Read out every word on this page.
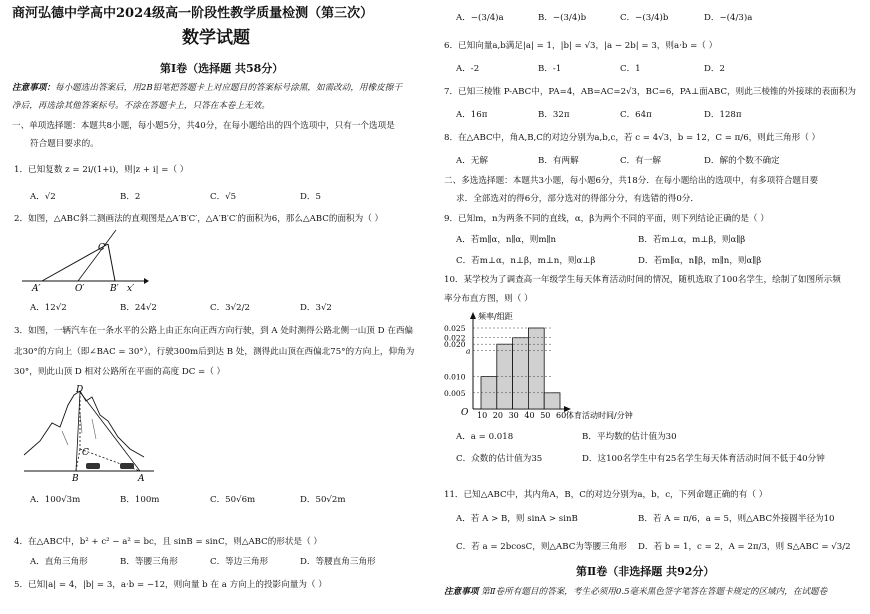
商河弘德中学高中2024级高一阶段性教学质量检测（第三次）
数学试题
第Ⅰ卷（选择题 共58分）
注意事项：每小题选出答案后，用2B铅笔把答题卡上对应题目的答案标号涂黑，如需改动，用橡皮擦干
净后，再选涂其他答案标号。不涂在答题卡上，只答在本卷上无效。
一、单项选择题：本题共8小题，每小题5分，共40分，在每小题给出的四个选项中，只有一个选项是
符合题目要求的。
1．已知复数 z = 2i/(1+i)，则|z + i| =（ ）
A．√2	B．2	C．√5	D．5
2．如图，△ABC斜二测画法的直观图是△A′B′C′，△A′B′C′的面积为6，那么△ABC的面积为（ ）
C′
A′	O′	B′ x′
A．12√2	B．24√2	C．3√2/2	D．3√2
3．如图，一辆汽车在一条水平的公路上由正东向正西方向行驶，到 A 处时测得公路北侧一山顶 D 在西偏
北30°的方向上（即∠BAC = 30°），行驶300m后到达 B 处，测得此山顶在西偏北75°的方向上，仰角为
30°，则此山顶 D 相对公路所在平面的高度 DC =（ ）
D
C
B	A
A．100√3m	B．100m	C．50√6m	D．50√2m
4．在△ABC中，b² + c² − a² = bc，且 sinB = sinC，则△ABC的形状是（ ）
A．直角三角形	B．等腰三角形	C．等边三角形	D．等腰直角三角形
5．已知|a| = 4，|b| = 3，a·b = −12，则向量 b 在 a 方向上的投影向量为（ ）
A．−(3/4)a	B．−(3/4)b	C．−(3/4)b	D．−(4/3)a
6．已知向量a,b满足|a| = 1，|b| = √3，|a − 2b| = 3，则a·b =（ ）
A．-2	B．-1	C．1	D．2
7．已知三棱锥 P-ABC中，PA=4，AB=AC=2√3，BC=6，PA⊥面ABC，则此三棱锥的外接球的表面积为
A．16π	B．32π	C．64π	D．128π
8．在△ABC中，角A,B,C的对边分别为a,b,c，若 c = 4√3，b = 12，C = π/6，则此三角形（ ）
A．无解	B．有两解	C．有一解	D．解的个数不确定
二、多选选择题：本题共3小题，每小题6分，共18分．在每小题给出的选项中，有多项符合题目要
求．全部选对的得6分，部分选对的得部分分，有选错的得0分．
9．已知m，n为两条不同的直线，α，β为两个不同的平面，则下列结论正确的是（ ）
A．若m∥α，n∥α，则m∥n	B．若m⊥α，m⊥β，则α∥β
C．若m⊥α，n⊥β，m⊥n，则α⊥β	D．若m∥α，n∥β，m∥n，则α∥β
10．某学校为了调查高一年级学生每天体育活动时间的情况，随机选取了100名学生，绘制了如图所示频
率分布直方图，则（ ）
频率/组距
O	体育活动时间/分钟
10 20 30 40 50 60
0.025
0.022
0.020
a
0.010
0.005
A．a = 0.018	B．平均数的估计值为30
C．众数的估计值为35	D．这100名学生中有25名学生每天体育活动时间不低于40分钟
11．已知△ABC中，其内角A，B，C的对边分别为a，b，c，下列命题正确的有（ ）
A．若 A > B，则 sinA > sinB	B．若 A = π/6，a = 5，则△ABC外接圆半径为10
C．若 a = 2bcosC，则△ABC为等腰三角形 D．若 b = 1，c = 2，A = 2π/3，则 S△ABC = √3/2
第Ⅱ卷（非选择题 共92分）
注意事项 第Ⅱ卷所有题目的答案，考生必须用0.5毫米黑色签字笔答在答题卡规定的区域内，在试题卷
